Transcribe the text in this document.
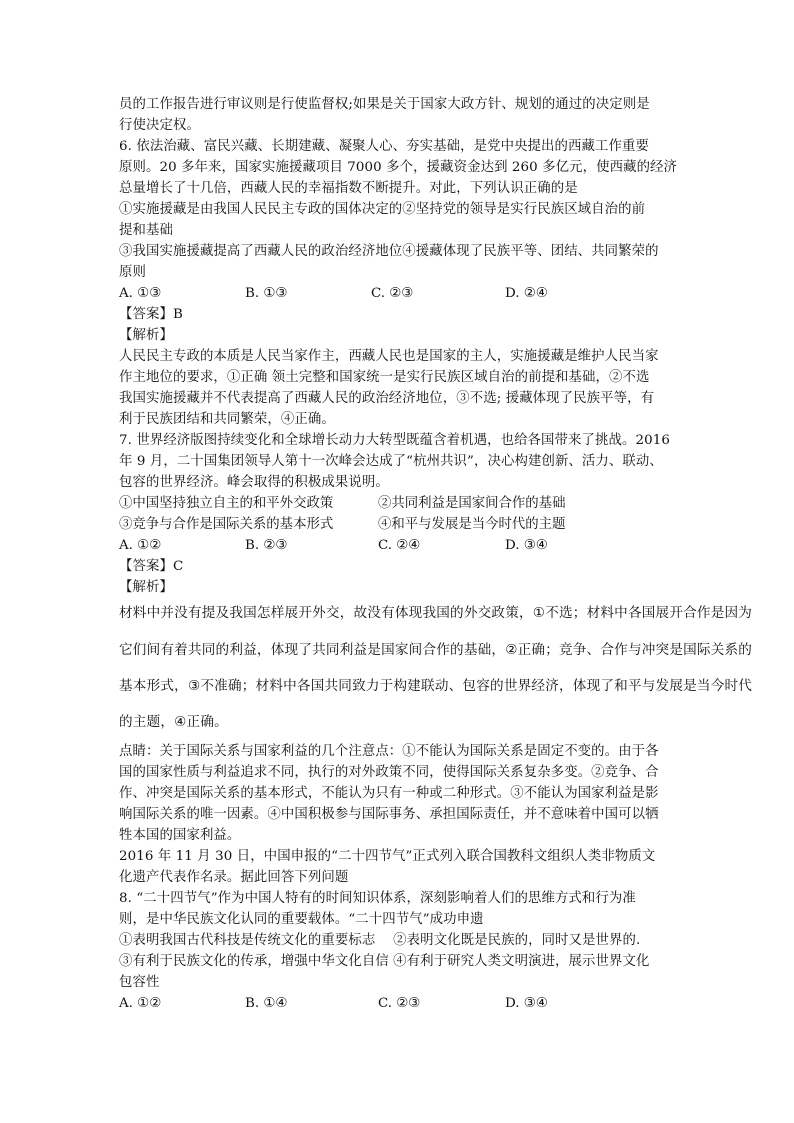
员的工作报告进行审议则是行使监督权;如果是关于国家大政方针、规划的通过的决定则是
行使决定权。
6. 依法治藏、富民兴藏、长期建藏、凝聚人心、夯实基础，是党中央提出的西藏工作重要
原则。20 多年来，国家实施援藏项目 7000 多个，援藏资金达到 260 多亿元，使西藏的经济
总量增长了十几倍，西藏人民的幸福指数不断提升。对此，下列认识正确的是
①实施援藏是由我国人民民主专政的国体决定的②坚持党的领导是实行民族区域自治的前
提和基础
③我国实施援藏提高了西藏人民的政治经济地位④援藏体现了民族平等、团结、共同繁荣的
原则
A. ①③	B. ①③	C. ②③	D. ②④
【答案】B
【解析】
人民民主专政的本质是人民当家作主，西藏人民也是国家的主人，实施援藏是维护人民当家
作主地位的要求，①正确 领土完整和国家统一是实行民族区域自治的前提和基础，②不选
我国实施援藏并不代表提高了西藏人民的政治经济地位，③不选; 援藏体现了民族平等，有
利于民族团结和共同繁荣，④正确。
7. 世界经济版图持续变化和全球增长动力大转型既蕴含着机遇，也给各国带来了挑战。2016
年 9 月，二十国集团领导人第十一次峰会达成了“杭州共识”，决心构建创新、活力、联动、
包容的世界经济。峰会取得的积极成果说明。
①中国坚持独立自主的和平外交政策	②共同利益是国家间合作的基础
③竞争与合作是国际关系的基本形式	④和平与发展是当今时代的主题
A. ①②	B. ②③	C. ②④	D. ③④
【答案】C
【解析】
材料中并没有提及我国怎样展开外交，故没有体现我国的外交政策，①不选；材料中各国展开合作是因为
它们间有着共同的利益，体现了共同利益是国家间合作的基础，②正确；竞争、合作与冲突是国际关系的
基本形式，③不准确；材料中各国共同致力于构建联动、包容的世界经济，体现了和平与发展是当今时代
的主题，④正确。
点睛：关于国际关系与国家利益的几个注意点：①不能认为国际关系是固定不变的。由于各
国的国家性质与利益追求不同，执行的对外政策不同，使得国际关系复杂多变。②竞争、合
作、冲突是国际关系的基本形式，不能认为只有一种或二种形式。③不能认为国家利益是影
响国际关系的唯一因素。④中国积极参与国际事务、承担国际责任，并不意味着中国可以牺
牲本国的国家利益。
2016 年 11 月 30 日，中国申报的“二十四节气”正式列入联合国教科文组织人类非物质文
化遗产代表作名录。据此回答下列问题
8. “二十四节气”作为中国人特有的时间知识体系，深刻影响着人们的思维方式和行为准
则，是中华民族文化认同的重要载体。“二十四节气”成功申遗
①表明我国古代科技是传统文化的重要标志　 ②表明文化既是民族的，同时又是世界的.
③有利于民族文化的传承，增强中华文化自信 ④有利于研究人类文明演进，展示世界文化
包容性
A. ①②	B. ①④	C. ②③	D. ③④
